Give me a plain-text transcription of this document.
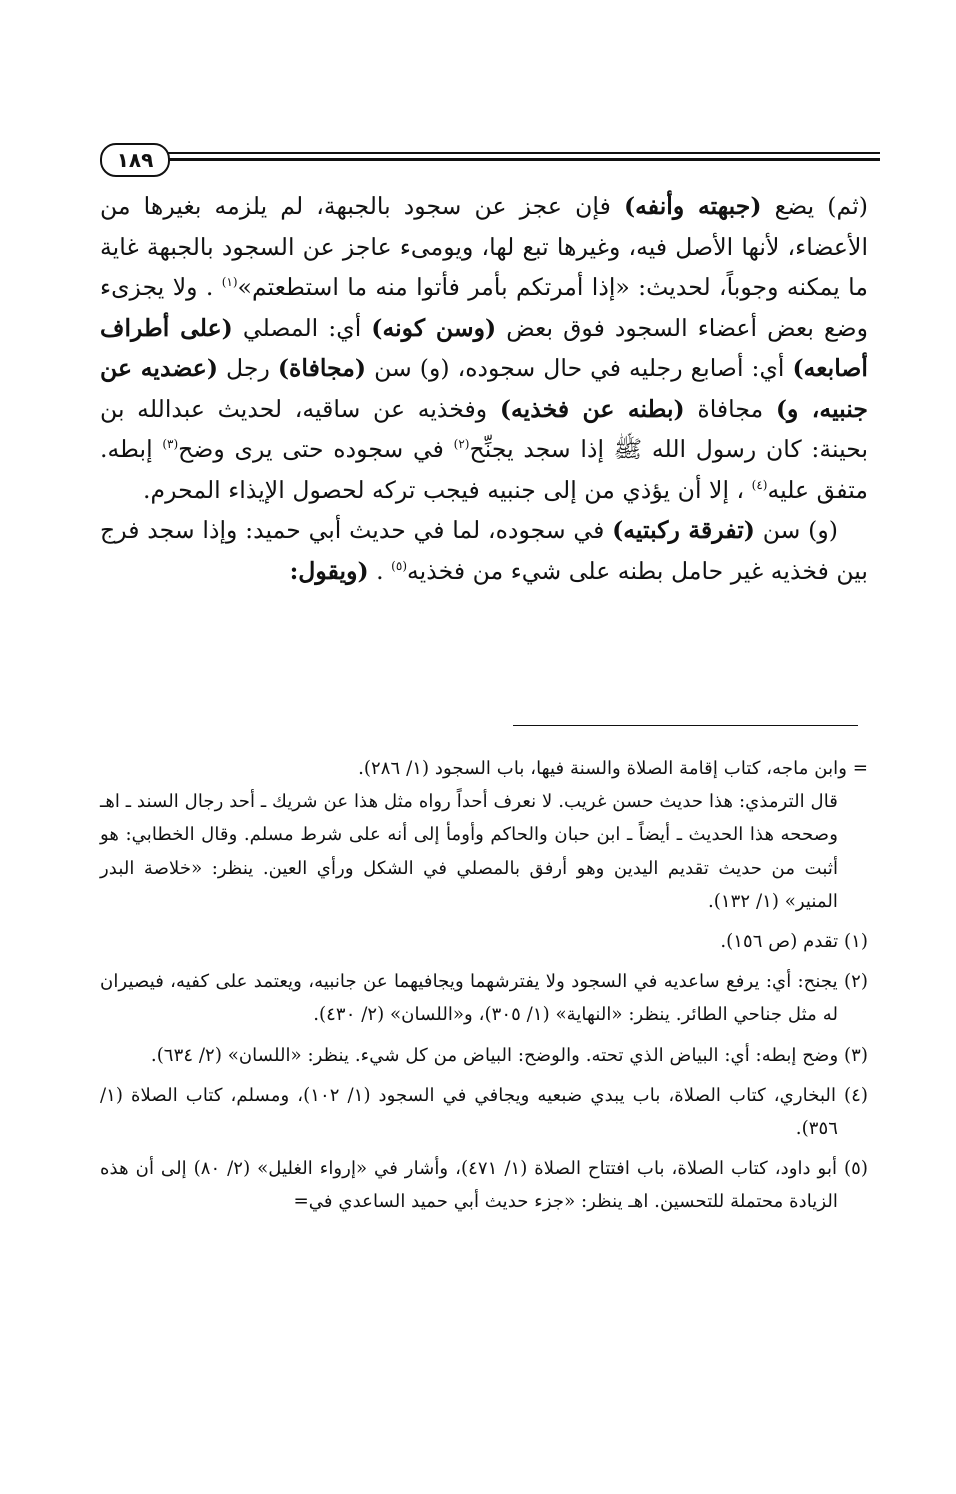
١٨٩

(ثم) يضع (جبهته وأنفه) فإن عجز عن سجود بالجبهة، لم يلزمه بغيرها من الأعضاء، لأنها الأصل فيه، وغيرها تبع لها، ويومىء عاجز عن السجود بالجبهة غاية ما يمكنه وجوباً، لحديث: «إذا أمرتكم بأمر فأتوا منه ما استطعتم»$^{(١)}$ . ولا يجزىء وضع بعض أعضاء السجود فوق بعض (وسن كونه) أي: المصلي (على أطراف أصابعه) أي: أصابع رجليه في حال سجوده، (و) سن (مجافاة) رجل (عضديه عن جنبيه، و) مجافاة (بطنه عن فخذيه) وفخذيه عن ساقيه، لحديث عبدالله بن بحينة: كان رسول الله ﷺ إذا سجد يجنِّح$^{(٢)}$ في سجوده حتى يرى وضح$^{(٣)}$ إبطه. متفق عليه$^{(٤)}$ ، إلا أن يؤذي من إلى جنبيه فيجب تركه لحصول الإيذاء المحرم.

(و) سن (تفرقة ركبتيه) في سجوده، لما في حديث أبي حميد: وإذا سجد فرج بين فخذيه غير حامل بطنه على شيء من فخذيه$^{(٥)}$ . (ويقول:

= وابن ماجه، كتاب إقامة الصلاة والسنة فيها، باب السجود (١/ ٢٨٦).

قال الترمذي: هذا حديث حسن غريب. لا نعرف أحداً رواه مثل هذا عن شريك ـ أحد رجال السند ـ اهـ وصححه هذا الحديث ـ أيضاً ـ ابن حبان والحاكم وأومأ إلى أنه على شرط مسلم. وقال الخطابي: هو أثبت من حديث تقديم اليدين وهو أرفق بالمصلي في الشكل ورأي العين. ينظر: «خلاصة البدر المنير» (١/ ١٣٢).

(١) تقدم (ص ١٥٦).

(٢) يجنح: أي: يرفع ساعديه في السجود ولا يفترشهما ويجافيهما عن جانبيه، ويعتمد على كفيه، فيصيران له مثل جناحي الطائر. ينظر: «النهاية» (١/ ٣٠٥)، و«اللسان» (٢/ ٤٣٠).

(٣) وضح إبطه: أي: البياض الذي تحته. والوضح: البياض من كل شيء. ينظر: «اللسان» (٢/ ٦٣٤).

(٤) البخاري، كتاب الصلاة، باب يبدي ضبعيه ويجافي في السجود (١/ ١٠٢)، ومسلم، كتاب الصلاة (١/ ٣٥٦).

(٥) أبو داود، كتاب الصلاة، باب افتتاح الصلاة (١/ ٤٧١)، وأشار في «إرواء الغليل» (٢/ ٨٠) إلى أن هذه الزيادة محتملة للتحسين. اهـ ينظر: «جزء حديث أبي حميد الساعدي في=
